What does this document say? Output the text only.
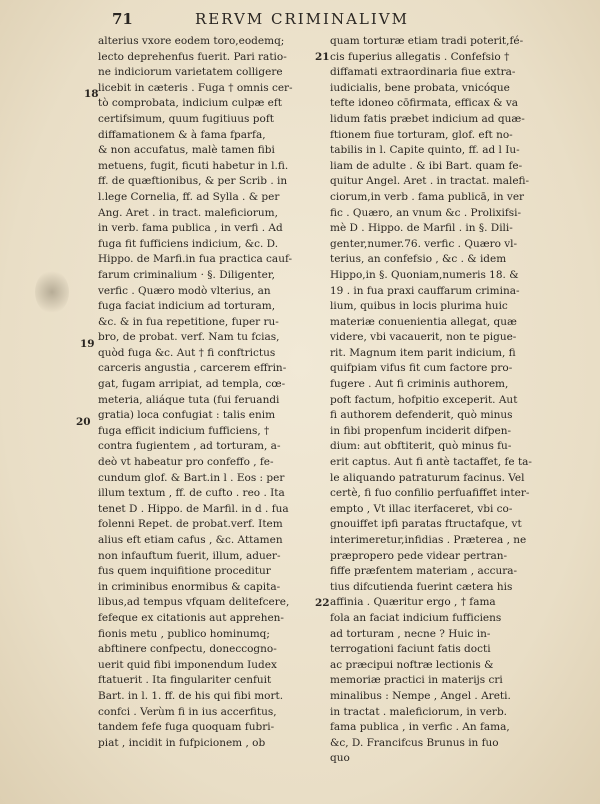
71	RERVM CRIMINALIVM
18
19
20
21
22
alterius vxore eodem toro,eodemq;
lecto deprehenfus fuerit. Pari ratio-
ne indiciorum varietatem colligere
licebit in cæteris . Fuga † omnis cer-
tò comprobata, indicium culpæ eft
certifsimum, quum fugitiuus poft
diffamationem & à fama fparfa,
& non accufatus, malè tamen fibi
metuens, fugit, ficuti habetur in l.fi.
ff. de quæftionibus, & per Scrib . in
l.lege Cornelia, ff. ad Sylla . & per
Ang. Aret . in tract. maleficiorum,
in verb. fama publica , in verfi . Ad
fuga fit fufficiens indicium, &c. D.
Hippo. de Marfi.in fua practica cauf-
farum criminalium · §. Diligenter,
verfic . Quæro modò vlterius, an
fuga faciat indicium ad torturam,
&c. & in fua repetitione, fuper ru-
bro, de probat. verf. Nam tu fcias,
quòd fuga &c. Aut † fi conftrictus
carceris angustia , carcerem effrin-
gat, fugam arripiat, ad templa, cœ-
meteria, aliáque tuta (fui feruandi
gratia) loca confugiat : talis enim
fuga efficit indicium fufficiens, †
contra fugientem , ad torturam, a-
deò vt habeatur pro confeffo , fe-
cundum glof. & Bart.in l . Eos : per
illum textum , ff. de cufto . reo . Ita
tenet D . Hippo. de Marfil. in d . fua
folenni Repet. de probat.verf. Item
alius eft etiam cafus , &c. Attamen
non infauftum fuerit, illum, aduer-
fus quem inquifitione proceditur
in criminibus enormibus & capita-
libus,ad tempus vfquam delitefcere,
fefeque ex citationis aut apprehen-
fionis metu , publico hominumq;
abftinere confpectu, doneccogno-
uerit quid fibi imponendum Iudex
ftatuerit . Ita fingulariter cenfuit
Bart. in l. 1. ff. de his qui fibi mort.
confci . Verùm fi in ius accerfitus,
tandem fefe fuga quoquam fubri-
piat , incidit in fufpicionem , ob
quam torturæ etiam tradi poterit,fé-
cis fuperius allegatis . Confefsio †
diffamati extraordinaria fiue extra-
iudicialis, bene probata, vnicóque
tefte idoneo cōfirmata, efficax & va
lidum fatis præbet indicium ad quæ-
ftionem fiue torturam, glof. eft no-
tabilis in l. Capite quinto, ff. ad l Iu-
liam de adulte . & ibi Bart. quam fe-
quitur Angel. Aret . in tractat. malefi-
ciorum,in verb . fama publicā, in ver
fic . Quæro, an vnum &c . Prolixifsi-
mè D . Hippo. de Marfil . in §. Dili-
genter,numer.76. verfic . Quæro vl-
terius, an confefsio , &c . & idem
Hippo,in §. Quoniam,numeris 18. &
19 . in fua praxi cauffarum crimina-
lium, quibus in locis plurima huic
materiæ conuenientia allegat, quæ
videre, vbi vacauerit, non te pigue-
rit. Magnum item parit indicium, fi
quifpiam vifus fit cum factore pro-
fugere . Aut fi criminis authorem,
poft factum, hofpitio exceperit. Aut
fi authorem defenderit, quò minus
in fibi propenfum inciderit difpen-
dium: aut obftiterit, quò minus fu-
erit captus. Aut fi antè tactaffet, fe ta-
le aliquando patraturum facinus. Vel
certè, fi fuo confilio perfuafiffet inter-
empto , Vt illac iterfaceret, vbi co-
gnouiffet ipfi paratas ftructafque, vt
interimeretur,infidias . Præterea , ne
præpropero pede videar pertran-
fiffe præfentem materiam , accura-
tius difcutienda fuerint cætera his
affinia . Quæritur ergo , † fama
fola an faciat indicium fufficiens
ad torturam , necne ? Huic in-
terrogationi faciunt fatis docti
ac præcipui noftræ lectionis &
memoriæ practici in materijs cri
minalibus : Nempe , Angel . Areti.
in tractat . maleficiorum, in verb.
fama publica , in verfic . An fama,
&c, D. Francifcus Brunus in fuo
quo
